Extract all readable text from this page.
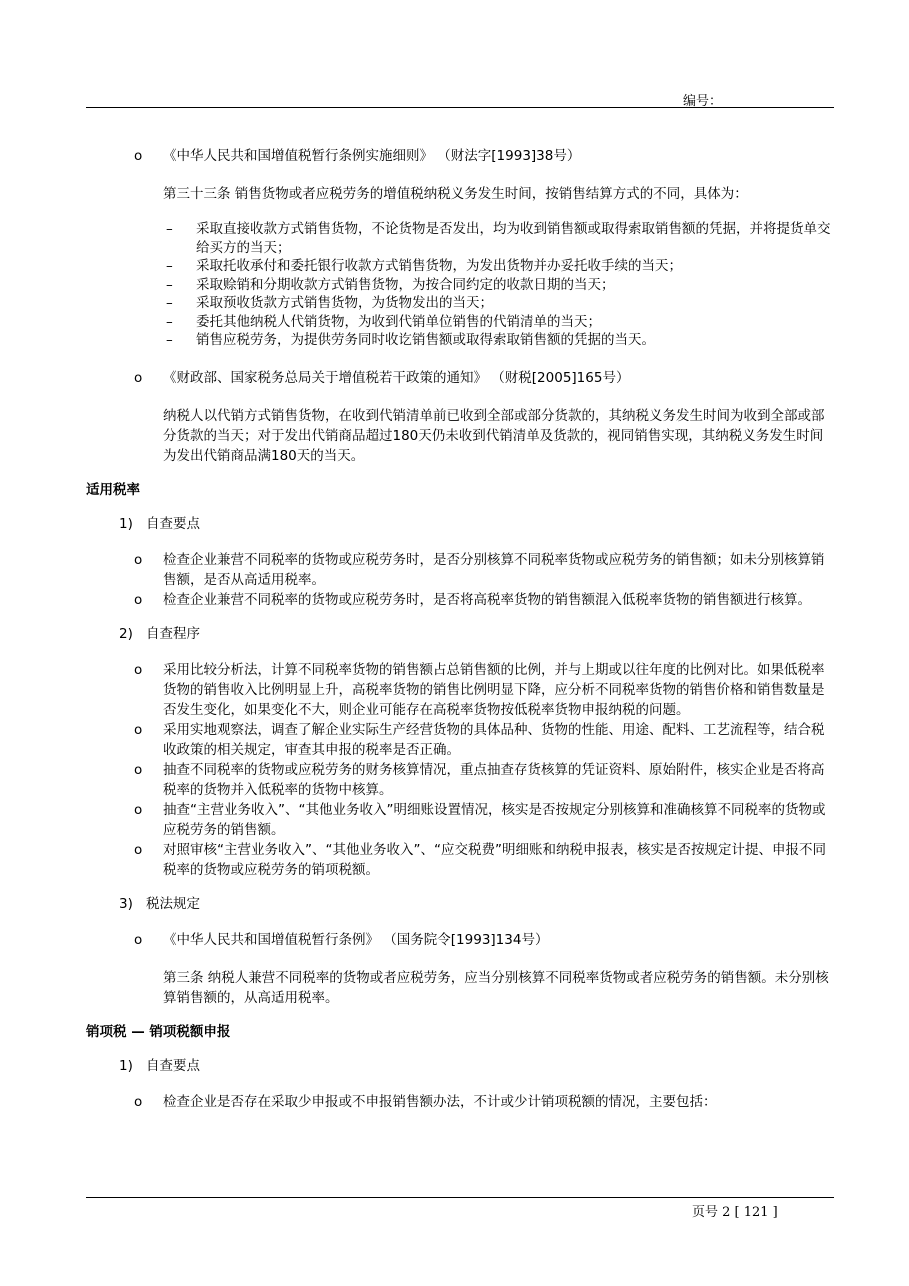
编号：

o 《中华人民共和国增值税暂行条例实施细则》 （财法字[1993]38号）

第三十三条 销售货物或者应税劳务的增值税纳税义务发生时间，按销售结算方式的不同，具体为：

– 采取直接收款方式销售货物，不论货物是否发出，均为收到销售额或取得索取销售额的凭据，并将提货单交给买方的当天；
– 采取托收承付和委托银行收款方式销售货物，为发出货物并办妥托收手续的当天；
– 采取赊销和分期收款方式销售货物，为按合同约定的收款日期的当天；
– 采取预收货款方式销售货物，为货物发出的当天；
– 委托其他纳税人代销货物，为收到代销单位销售的代销清单的当天；
– 销售应税劳务，为提供劳务同时收讫销售额或取得索取销售额的凭据的当天。

o 《财政部、国家税务总局关于增值税若干政策的通知》 （财税[2005]165号）

纳税人以代销方式销售货物，在收到代销清单前已收到全部或部分货款的，其纳税义务发生时间为收到全部或部分货款的当天；对于发出代销商品超过180天仍未收到代销清单及货款的，视同销售实现，其纳税义务发生时间为发出代销商品满180天的当天。

适用税率

1) 自查要点

o 检查企业兼营不同税率的货物或应税劳务时，是否分别核算不同税率货物或应税劳务的销售额；如未分别核算销售额，是否从高适用税率。

o 检查企业兼营不同税率的货物或应税劳务时，是否将高税率货物的销售额混入低税率货物的销售额进行核算。

2) 自查程序

o 采用比较分析法，计算不同税率货物的销售额占总销售额的比例，并与上期或以往年度的比例对比。如果低税率货物的销售收入比例明显上升，高税率货物的销售比例明显下降，应分析不同税率货物的销售价格和销售数量是否发生变化，如果变化不大，则企业可能存在高税率货物按低税率货物申报纳税的问题。

o 采用实地观察法，调查了解企业实际生产经营货物的具体品种、货物的性能、用途、配料、工艺流程等，结合税收政策的相关规定，审查其申报的税率是否正确。

o 抽查不同税率的货物或应税劳务的财务核算情况，重点抽查存货核算的凭证资料、原始附件，核实企业是否将高税率的货物并入低税率的货物中核算。

o 抽查“主营业务收入”、“其他业务收入”明细账设置情况，核实是否按规定分别核算和准确核算不同税率的货物或应税劳务的销售额。

o 对照审核“主营业务收入”、“其他业务收入”、“应交税费”明细账和纳税申报表，核实是否按规定计提、申报不同税率的货物或应税劳务的销项税额。

3) 税法规定

o 《中华人民共和国增值税暂行条例》 （国务院令[1993]134号）

第三条 纳税人兼营不同税率的货物或者应税劳务，应当分别核算不同税率货物或者应税劳务的销售额。未分别核算销售额的，从高适用税率。

销项税 — 销项税额申报

1) 自查要点

o 检查企业是否存在采取少申报或不申报销售额办法，不计或少计销项税额的情况，主要包括：

页号 2 [ 121 ]
